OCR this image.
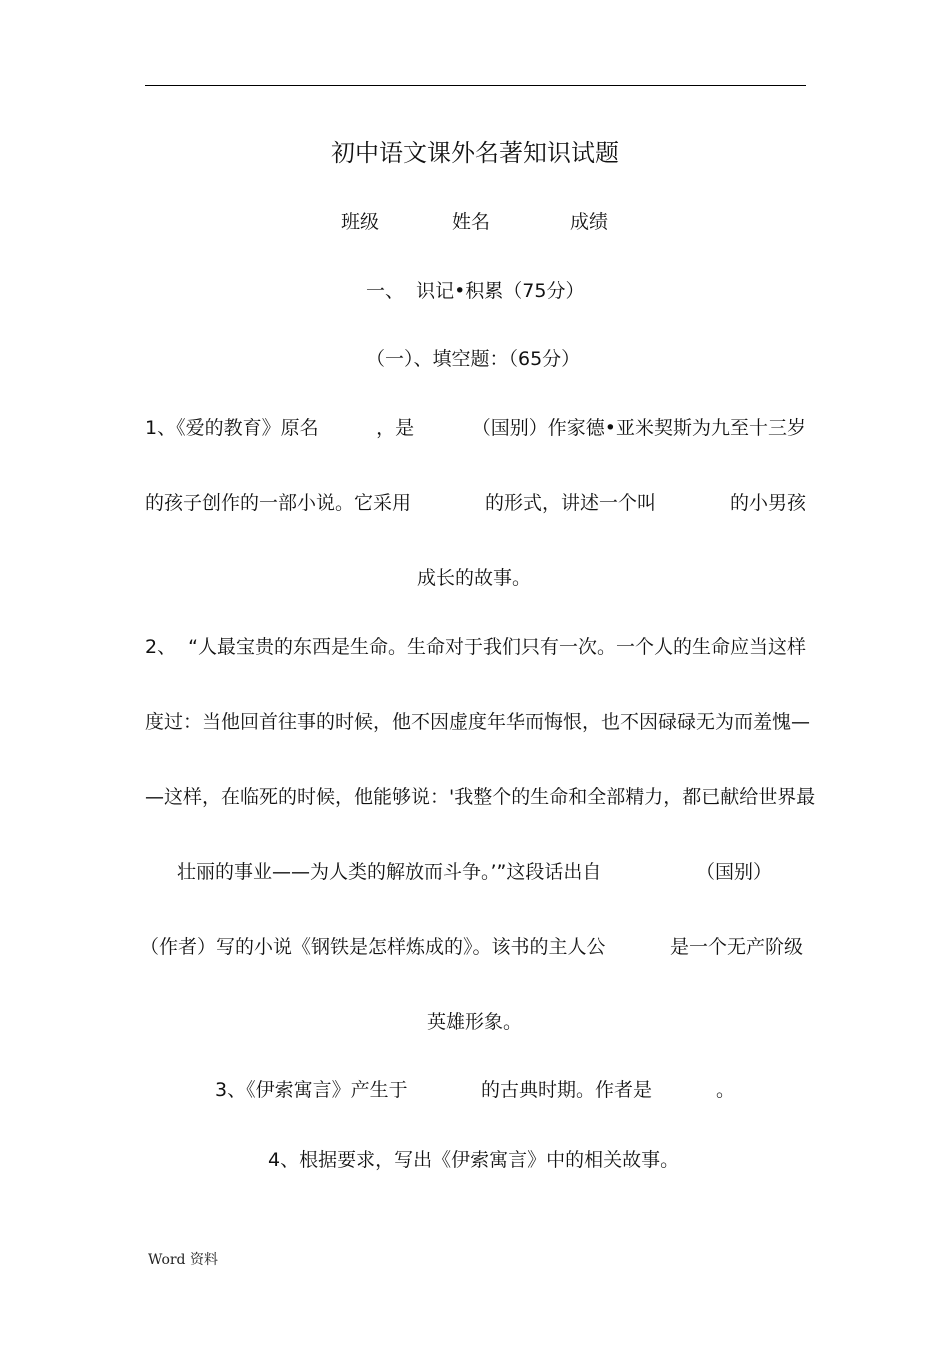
初中语文课外名著知识试题
班级	姓名	成绩
一、  识记•积累（75分）
（一）、填空题：（65分）
1、《爱的教育》原名	，是	（国别）作家德•亚米契斯为九至十三岁
的孩子创作的一部小说。它采用	的形式，讲述一个叫	的小男孩
成长的故事。
2、  “人最宝贵的东西是生命。生命对于我们只有一次。一个人的生命应当这样
度过：当他回首往事的时候，他不因虚度年华而悔恨，也不因碌碌无为而羞愧—
—这样，在临死的时候，他能够说：'我整个的生命和全部精力，都已献给世界最
壮丽的事业——为人类的解放而斗争。’”这段话出自	（国别）
（作者）写的小说《钢铁是怎样炼成的》。该书的主人公	是一个无产阶级
英雄形象。
3、《伊索寓言》产生于	的古典时期。作者是	。
4、根据要求，写出《伊索寓言》中的相关故事。
Word 资料
